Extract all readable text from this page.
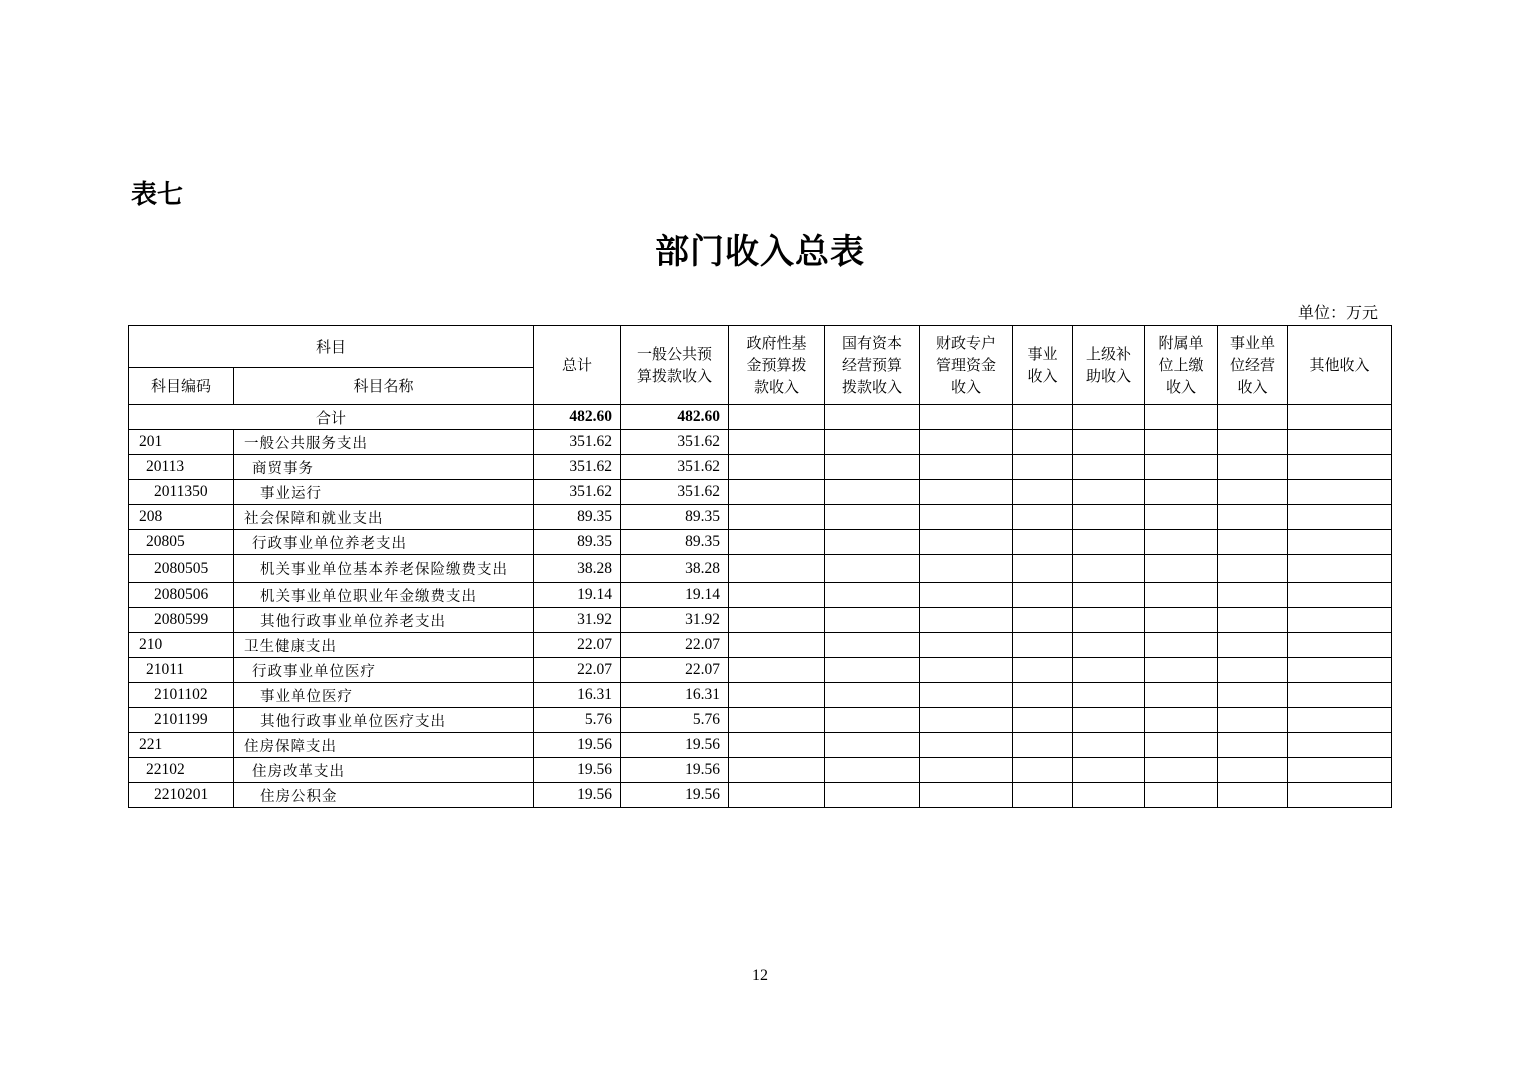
表七
部门收入总表
单位：万元
科目		总计	一般公共预算拨款收入	政府性基金预算拨款收入	国有资本经营预算拨款收入	财政专户管理资金收入	事业收入	上级补助收入	附属单位上缴收入	事业单位经营收入	其他收入
科目编码	科目名称										
合计		482.60	482.60								
201	一般公共服务支出	351.62	351.62								
20113	商贸事务	351.62	351.62								
2011350	事业运行	351.62	351.62								
208	社会保障和就业支出	89.35	89.35								
20805	行政事业单位养老支出	89.35	89.35								
2080505	机关事业单位基本养老保险缴费支出	38.28	38.28								
2080506	机关事业单位职业年金缴费支出	19.14	19.14								
2080599	其他行政事业单位养老支出	31.92	31.92								
210	卫生健康支出	22.07	22.07								
21011	行政事业单位医疗	22.07	22.07								
2101102	事业单位医疗	16.31	16.31								
2101199	其他行政事业单位医疗支出	5.76	5.76								
221	住房保障支出	19.56	19.56								
22102	住房改革支出	19.56	19.56								
2210201	住房公积金	19.56	19.56								
12
